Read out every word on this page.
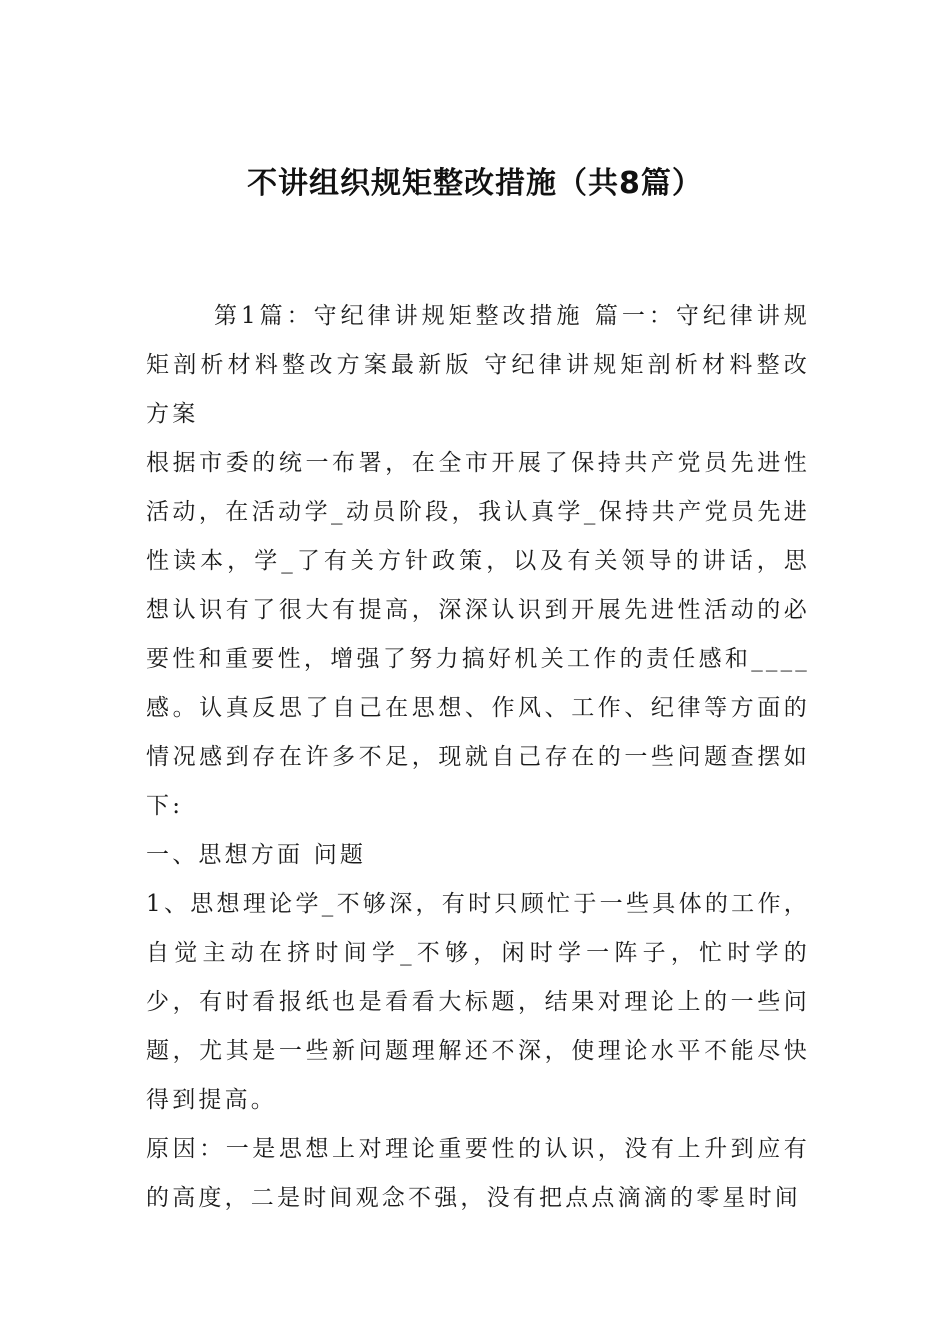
不讲组织规矩整改措施（共8篇）

第1篇：守纪律讲规矩整改措施 篇一：守纪律讲规矩剖析材料整改方案最新版 守纪律讲规矩剖析材料整改方案

根据市委的统一布署，在全市开展了保持共产党员先进性活动，在活动学_动员阶段，我认真学_保持共产党员先进性读本，学_了有关方针政策，以及有关领导的讲话，思想认识有了很大有提高，深深认识到开展先进性活动的必要性和重要性，增强了努力搞好机关工作的责任感和____感。认真反思了自己在思想、作风、工作、纪律等方面的情况感到存在许多不足，现就自己存在的一些问题查摆如下:

一、思想方面 问题

1、思想理论学_不够深，有时只顾忙于一些具体的工作，自觉主动在挤时间学_不够，闲时学一阵子，忙时学的少，有时看报纸也是看看大标题，结果对理论上的一些问题，尤其是一些新问题理解还不深，使理论水平不能尽快得到提高。

原因：一是思想上对理论重要性的认识，没有上升到应有的高度，二是时间观念不强，没有把点点滴滴的零星时间
